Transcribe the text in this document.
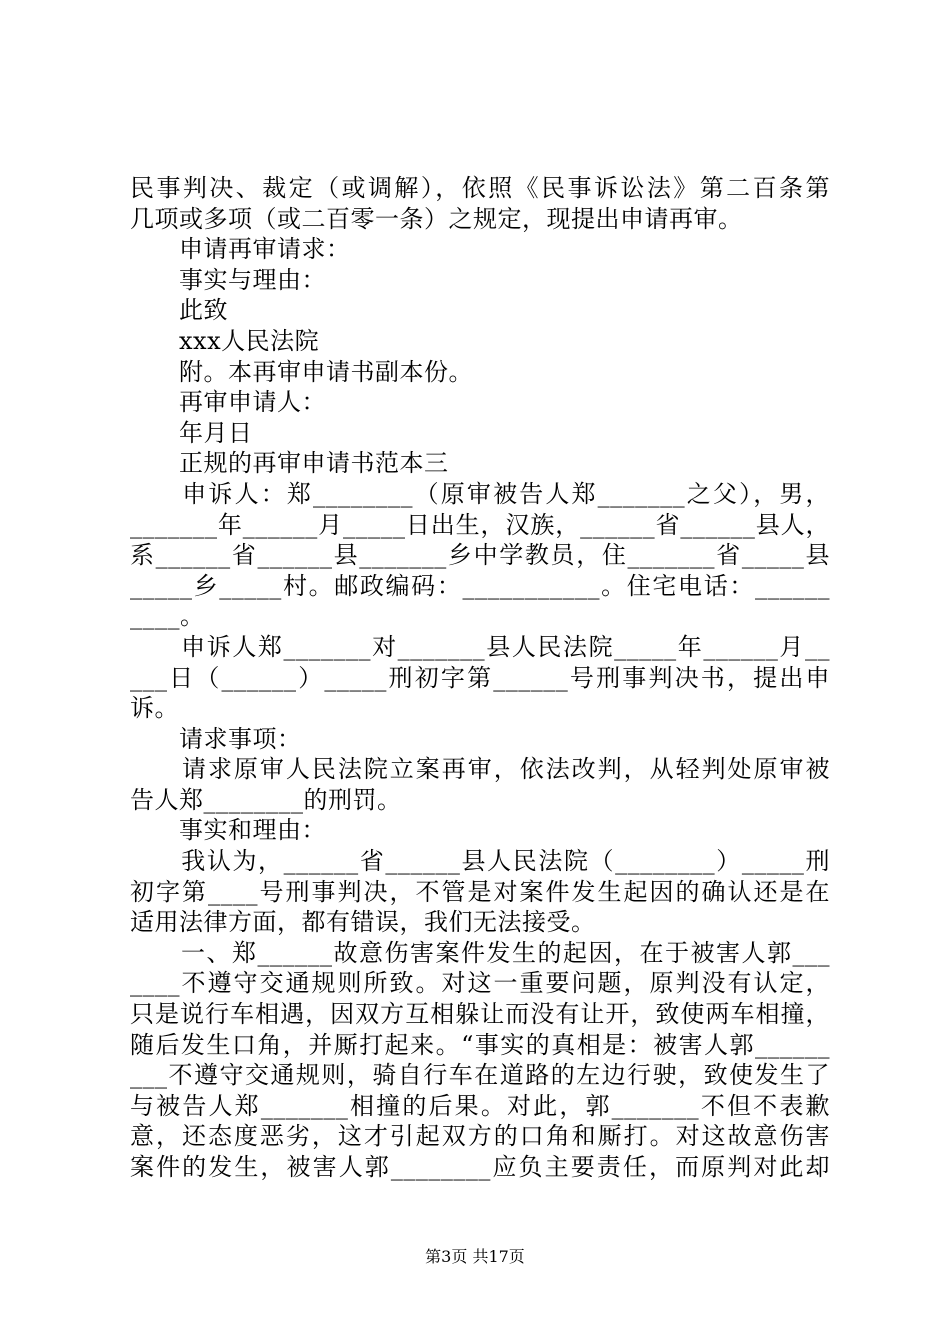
民事判决、裁定（或调解），依照《民事诉讼法》第二百条第
几项或多项（或二百零一条）之规定，现提出申请再审。
　　申请再审请求：
　　事实与理由：
　　此致
　　xxx人民法院
　　附。本再审申请书副本份。
　　再审申请人：
　　年月日
　　正规的再审申请书范本三
　　申诉人：郑________（原审被告人郑_______之父），男，
_______年______月_____日出生，汉族，______省______县人，
系______省______县_______乡中学教员，住_______省_____县
_____乡_____村。邮政编码：___________。住宅电话：______
____。
　　申诉人郑_______对_______县人民法院_____年______月__
___日（______）_____刑初字第______号刑事判决书，提出申
诉。
　　请求事项：
　　请求原审人民法院立案再审，依法改判，从轻判处原审被
告人郑________的刑罚。
　　事实和理由：
　　我认为，______省______县人民法院（________）_____刑
初字第____号刑事判决，不管是对案件发生起因的确认还是在
适用法律方面，都有错误，我们无法接受。
　　一、郑______故意伤害案件发生的起因，在于被害人郭___
____不遵守交通规则所致。对这一重要问题，原判没有认定，
只是说行车相遇，因双方互相躲让而没有让开，致使两车相撞，
随后发生口角，并厮打起来。“事实的真相是：被害人郭______
___不遵守交通规则，骑自行车在道路的左边行驶，致使发生了
与被告人郑_______相撞的后果。对此，郭_______不但不表歉
意，还态度恶劣，这才引起双方的口角和厮打。对这故意伤害
案件的发生，被害人郭________应负主要责任，而原判对此却
第3页 共17页
